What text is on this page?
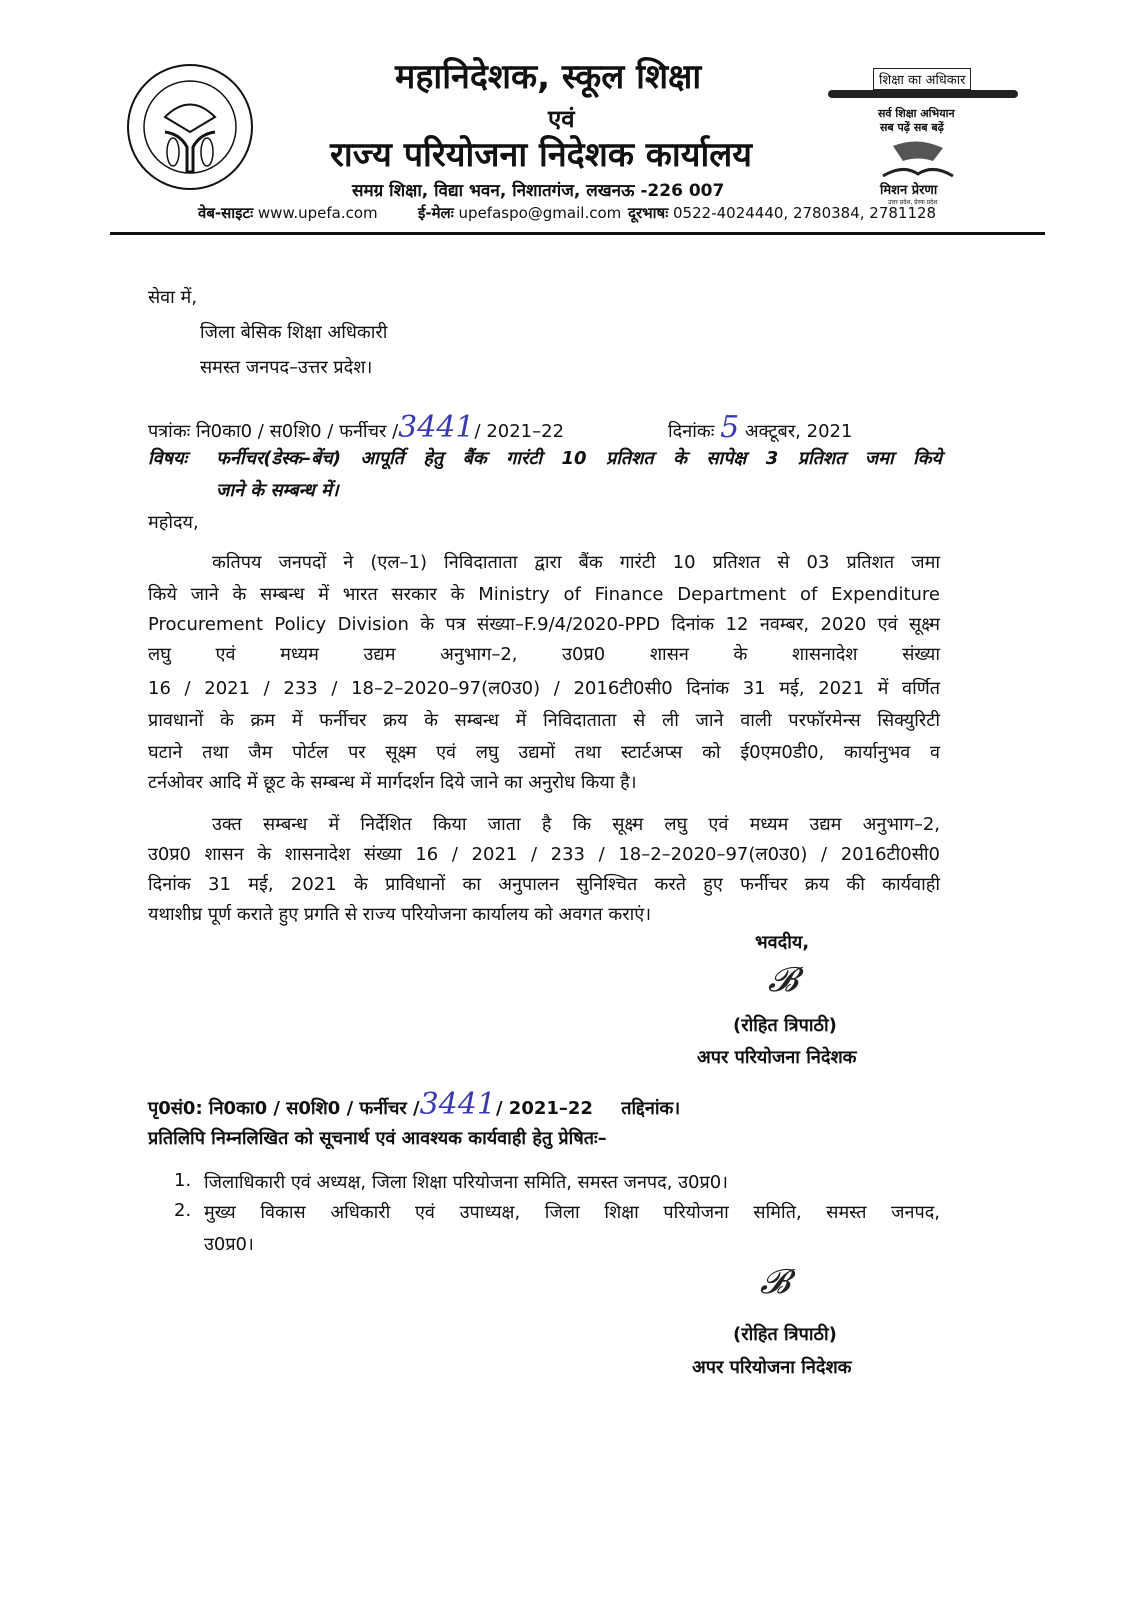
महानिदेशक, स्कूल शिक्षा
एवं
राज्य परियोजना निदेशक कार्यालय
समग्र शिक्षा, विद्या भवन, निशातगंज, लखनऊ -226 007
वेब-साइटः www.upefa.com	ई-मेलः upefaspo@gmail.com दूरभाषः 0522-4024440, 2780384, 2781128
शिक्षा का अधिकार
सर्व शिक्षा अभियान
सब पढ़ें सब बढ़ें
मिशन प्रेरणा
उत्तर प्रदेश, प्रेरक प्रदेश
सेवा में,
जिला बेसिक शिक्षा अधिकारी
समस्त जनपद–उत्तर प्रदेश।
पत्रांकः नि0का0 / स0शि0 / फर्नीचर /3441/ 2021–22	दिनांकः 5 अक्टूबर, 2021
विषयः फर्नीचर(डेस्क–बेंच) आपूर्ति हेतु बैंक गारंटी 10 प्रतिशत के सापेक्ष 3 प्रतिशत जमा किये
जाने के सम्बन्ध में।
महोदय,
कतिपय जनपदों ने (एल–1) निविदाताता द्वारा बैंक गारंटी 10 प्रतिशत से 03 प्रतिशत जमा
किये जाने के सम्बन्ध में भारत सरकार के Ministry of Finance Department of Expenditure
Procurement Policy Division के पत्र संख्या–F.9/4/2020-PPD दिनांक 12 नवम्बर, 2020 एवं सूक्ष्म
लघु एवं मध्यम उद्यम अनुभाग–2, उ0प्र0 शासन के शासनादेश संख्या
16 / 2021 / 233 / 18–2–2020–97(ल0उ0) / 2016टी0सी0 दिनांक 31 मई, 2021 में वर्णित
प्रावधानों के क्रम में फर्नीचर क्रय के सम्बन्ध में निविदाताता से ली जाने वाली परफॉरमेन्स सिक्युरिटी
घटाने तथा जैम पोर्टल पर सूक्ष्म एवं लघु उद्यमों तथा स्टार्टअप्स को ई0एम0डी0, कार्यानुभव व
टर्नओवर आदि में छूट के सम्बन्ध में मार्गदर्शन दिये जाने का अनुरोध किया है।
उक्त सम्बन्ध में निर्देशित किया जाता है कि सूक्ष्म लघु एवं मध्यम उद्यम अनुभाग–2,
उ0प्र0 शासन के शासनादेश संख्या 16 / 2021 / 233 / 18–2–2020–97(ल0उ0) / 2016टी0सी0
दिनांक 31 मई, 2021 के प्राविधानों का अनुपालन सुनिश्चित करते हुए फर्नीचर क्रय की कार्यवाही
यथाशीघ्र पूर्ण कराते हुए प्रगति से राज्य परियोजना कार्यालय को अवगत कराएं।
भवदीय,
𝓑
(रोहित त्रिपाठी)
अपर परियोजना निदेशक
पृ0सं0: नि0का0 / स0शि0 / फर्नीचर /3441/ 2021–22 तद्दिनांक।
प्रतिलिपि निम्नलिखित को सूचनार्थ एवं आवश्यक कार्यवाही हेतु प्रेषितः–
1. जिलाधिकारी एवं अध्यक्ष, जिला शिक्षा परियोजना समिति, समस्त जनपद, उ0प्र0।
2. मुख्य विकास अधिकारी एवं उपाध्यक्ष, जिला शिक्षा परियोजना समिति, समस्त जनपद,
उ0प्र0।
𝓑
(रोहित त्रिपाठी)
अपर परियोजना निदेशक
